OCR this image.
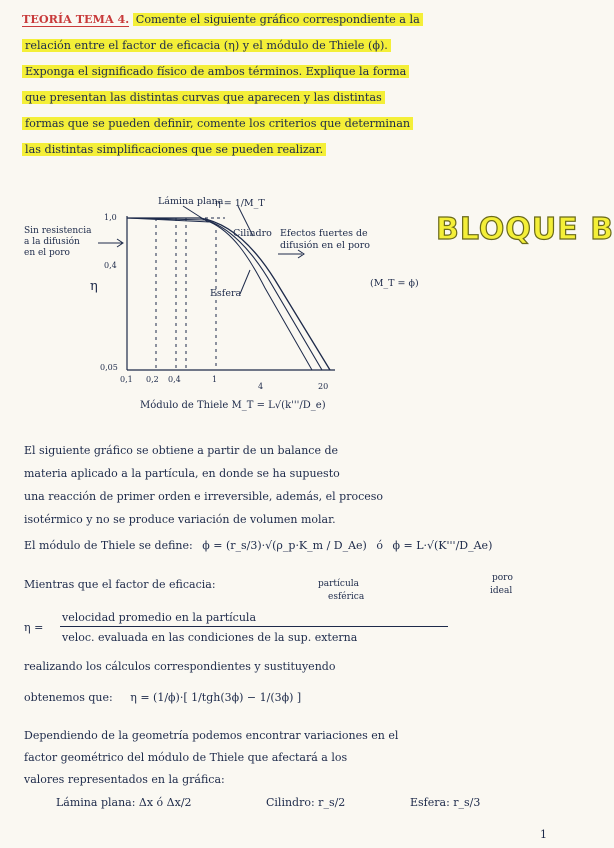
TEORÍA TEMA 4. Comente el siguiente gráfico correspondiente a la
relación entre el factor de eficacia (η) y el módulo de Thiele (ϕ).
Exponga el significado físico de ambos términos. Explique la forma
que presentan las distintas curvas que aparecen y las distintas
formas que se pueden definir, comente los criterios que determinan
las distintas simplificaciones que se pueden realizar.
BLOQUE B
Lámina plana
η = 1/M_T
Cilindro Efectos fuertes de
difusión en el poro
Esfera
Sin resistencia
a la difusión
en el poro
η
1,0
0,4
0,05
0,1 0,2 0,4	1
4	20
Módulo de Thiele M_T = L√(k'''/D_e)
(M_T = ϕ)
El siguiente gráfico se obtiene a partir de un balance de
materia aplicado a la partícula, en donde se ha supuesto
una reacción de primer orden e irreversible, además, el proceso
isotérmico y no se produce variación de volumen molar.
El módulo de Thiele se define: ϕ = (r_s/3)·√(ρ_p·K_m / D_Ae) ó ϕ = L·√(K'''/D_Ae)
Mientras que el factor de eficacia:	partícula
esférica
poro
ideal
η =
velocidad promedio en la partícula
veloc. evaluada en las condiciones de la sup. externa
realizando los cálculos correspondientes y sustituyendo
obtenemos que: η = (1/ϕ)·[ 1/tgh(3ϕ) − 1/(3ϕ) ]
Dependiendo de la geometría podemos encontrar variaciones en el
factor geométrico del módulo de Thiele que afectará a los
valores representados en la gráfica:
Lámina plana: Δx ó Δx/2	Cilindro: r_s/2	Esfera: r_s/3
1
